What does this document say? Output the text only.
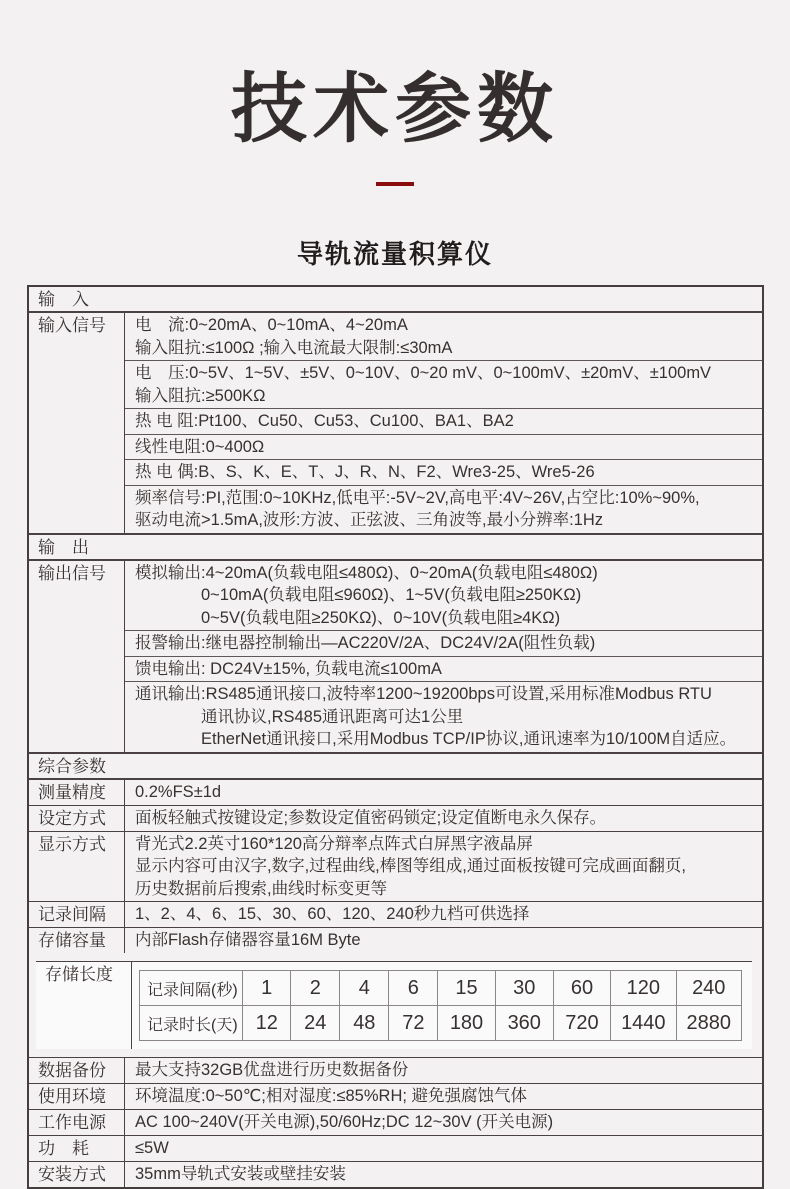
技术参数
导轨流量积算仪
输　入
输入信号	电　流:0~20mA、0~10mA、4~20mA
输入阻抗:≤100Ω ;输入电流最大限制:≤30mA
电　压:0~5V、1~5V、±5V、0~10V、0~20 mV、0~100mV、±20mV、±100mV
输入阻抗:≥500KΩ
热 电 阻:Pt100、Cu50、Cu53、Cu100、BA1、BA2
线性电阻:0~400Ω
热 电 偶:B、S、K、E、T、J、R、N、F2、Wre3-25、Wre5-26
频率信号:PI,范围:0~10KHz,低电平:-5V~2V,高电平:4V~26V,占空比:10%~90%,
驱动电流>1.5mA,波形:方波、正弦波、三角波等,最小分辨率:1Hz
输　出
输出信号	模拟输出:4~20mA(负载电阻≤480Ω)、0~20mA(负载电阻≤480Ω)
0~10mA(负载电阻≤960Ω)、1~5V(负载电阻≥250KΩ)
0~5V(负载电阻≥250KΩ)、0~10V(负载电阻≥4KΩ)
报警输出:继电器控制输出—AC220V/2A、DC24V/2A(阻性负载)
馈电输出: DC24V±15%, 负载电流≤100mA
通讯输出:RS485通讯接口,波特率1200~19200bps可设置,采用标准Modbus RTU
通讯协议,RS485通讯距离可达1公里
EtherNet通讯接口,采用Modbus TCP/IP协议,通讯速率为10/100M自适应。
综合参数
测量精度	0.2%FS±1d
设定方式	面板轻触式按键设定;参数设定值密码锁定;设定值断电永久保存。
显示方式	背光式2.2英寸160*120高分辩率点阵式白屏黑字液晶屏
显示内容可由汉字,数字,过程曲线,棒图等组成,通过面板按键可完成画面翻页,
历史数据前后搜索,曲线时标变更等
记录间隔	1、2、4、6、15、30、60、120、240秒九档可供选择
存储容量	内部Flash存储器容量16M Byte
存储长度
记录间隔(秒)	1	2	4	6	15	30	60	120	240
记录时长(天)	12	24	48	72	180	360	720	1440	2880
数据备份	最大支持32GB优盘进行历史数据备份
使用环境	环境温度:0~50℃;相对湿度:≤85%RH; 避免强腐蚀气体
工作电源	AC 100~240V(开关电源),50/60Hz;DC 12~30V (开关电源)
功　耗	≤5W
安装方式	35mm导轨式安装或壁挂安装
